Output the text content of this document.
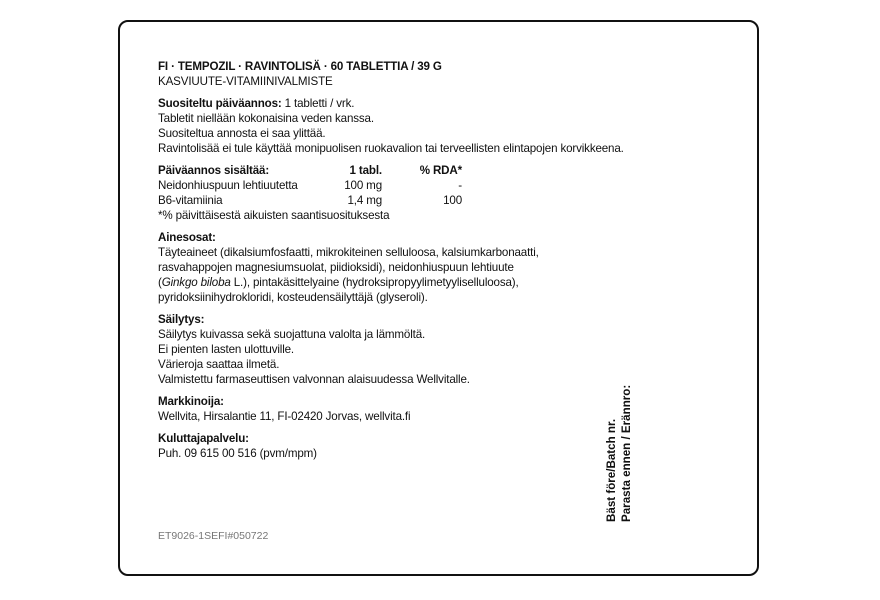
FI · TEMPOZIL · RAVINTOLISÄ · 60 TABLETTIA / 39 G

KASVIUUTE-VITAMIINIVALMISTE

Suositeltu päiväannos: 1 tabletti / vrk.

Tabletit niellään kokonaisina veden kanssa.

Suositeltua annosta ei saa ylittää.

Ravintolisää ei tule käyttää monipuolisen ruokavalion tai terveellisten elintapojen korvikkeena.

Päiväannos sisältää:	1 tabl.	% RDA*
Neidonhiuspuun lehtiuutetta	100 mg	-
B6-vitamiinia	1,4 mg	100

*% päivittäisestä aikuisten saantisuosituksesta

Ainesosat:

Täyteaineet (dikalsiumfosfaatti, mikrokiteinen selluloosa, kalsiumkarbonaatti,

rasvahappojen magnesiumsuolat, piidioksidi), neidonhiuspuun lehtiuute

(Ginkgo biloba L.), pintakäsittelyaine (hydroksipropyylimetyyliselluloosa),

pyridoksiinihydrokloridi, kosteudensäilyttäjä (glyseroli).

Säilytys:

Säilytys kuivassa sekä suojattuna valolta ja lämmöltä.

Ei pienten lasten ulottuville.

Värieroja saattaa ilmetä.

Valmistettu farmaseuttisen valvonnan alaisuudessa Wellvitalle.

Markkinoija:

Wellvita, Hirsalantie 11, FI-02420 Jorvas, wellvita.fi

Kuluttajapalvelu:

Puh. 09 615 00 516 (pvm/mpm)

ET9026-1SEFI#050722

Bäst före/Batch nr. Parasta ennen / Erännro:
